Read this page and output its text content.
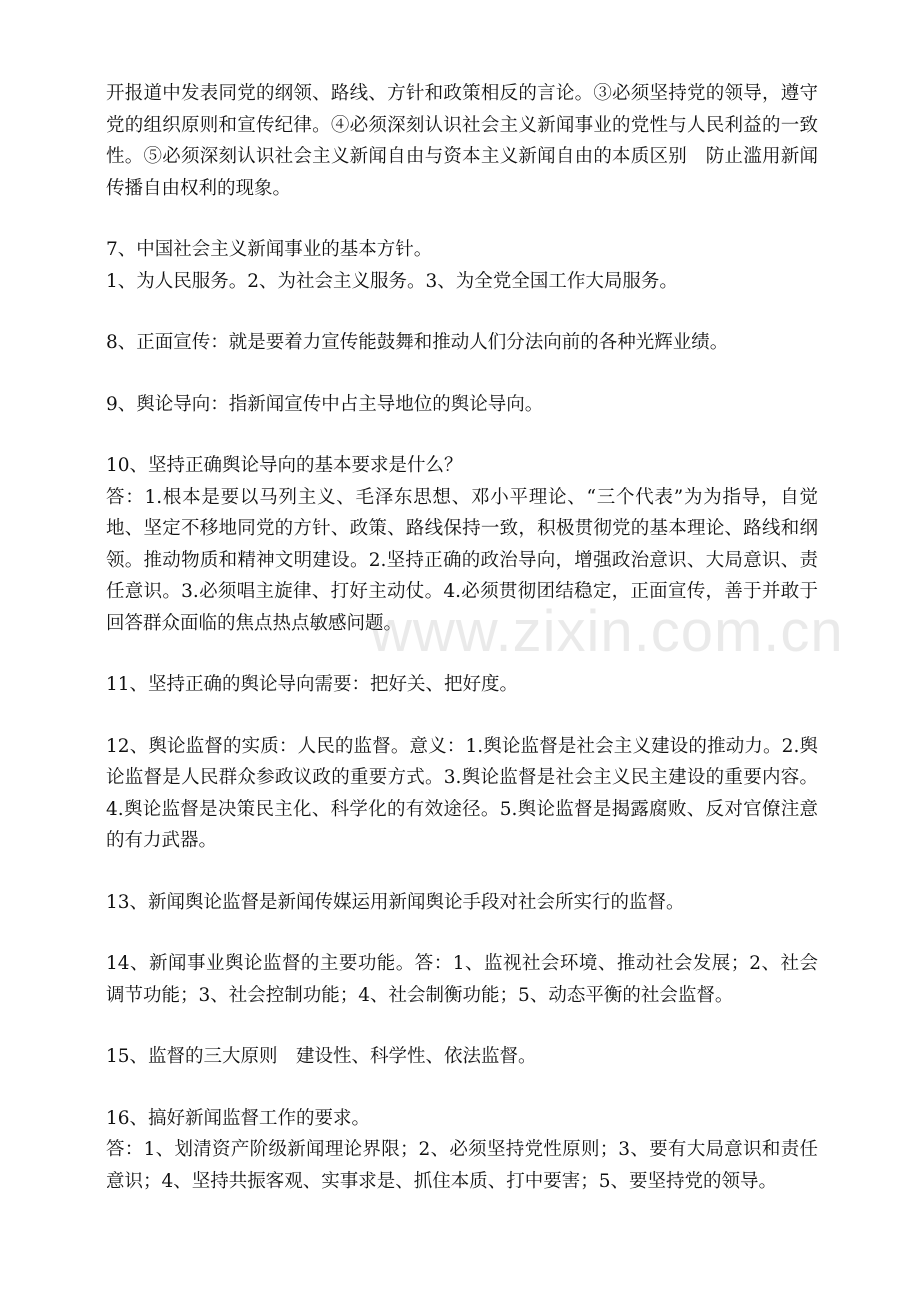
开报道中发表同党的纲领、路线、方针和政策相反的言论。③必须坚持党的领导，遵守党的组织原则和宣传纪律。④必须深刻认识社会主义新闻事业的党性与人民利益的一致性。⑤必须深刻认识社会主义新闻自由与资本主义新闻自由的本质区别　防止滥用新闻传播自由权利的现象。

7、中国社会主义新闻事业的基本方针。

1、为人民服务。2、为社会主义服务。3、为全党全国工作大局服务。

8、正面宣传：就是要着力宣传能鼓舞和推动人们分法向前的各种光辉业绩。

9、舆论导向：指新闻宣传中占主导地位的舆论导向。

10、坚持正确舆论导向的基本要求是什么？

答：1.根本是要以马列主义、毛泽东思想、邓小平理论、“三个代表”为为指导，自觉地、坚定不移地同党的方针、政策、路线保持一致，积极贯彻党的基本理论、路线和纲领。推动物质和精神文明建设。2.坚持正确的政治导向，增强政治意识、大局意识、责任意识。3.必须唱主旋律、打好主动仗。4.必须贯彻团结稳定，正面宣传，善于并敢于回答群众面临的焦点热点敏感问题。

11、坚持正确的舆论导向需要：把好关、把好度。

12、舆论监督的实质：人民的监督。意义：1.舆论监督是社会主义建设的推动力。2.舆论监督是人民群众参政议政的重要方式。3.舆论监督是社会主义民主建设的重要内容。4.舆论监督是决策民主化、科学化的有效途径。5.舆论监督是揭露腐败、反对官僚注意的有力武器。

13、新闻舆论监督是新闻传媒运用新闻舆论手段对社会所实行的监督。

14、新闻事业舆论监督的主要功能。答：1、监视社会环境、推动社会发展；2、社会调节功能；3、社会控制功能；4、社会制衡功能；5、动态平衡的社会监督。

15、监督的三大原则　建设性、科学性、依法监督。

16、搞好新闻监督工作的要求。

答：1、划清资产阶级新闻理论界限；2、必须坚持党性原则；3、要有大局意识和责任意识；4、坚持共振客观、实事求是、抓住本质、打中要害；5、要坚持党的领导。

www.zixin.com.cn
